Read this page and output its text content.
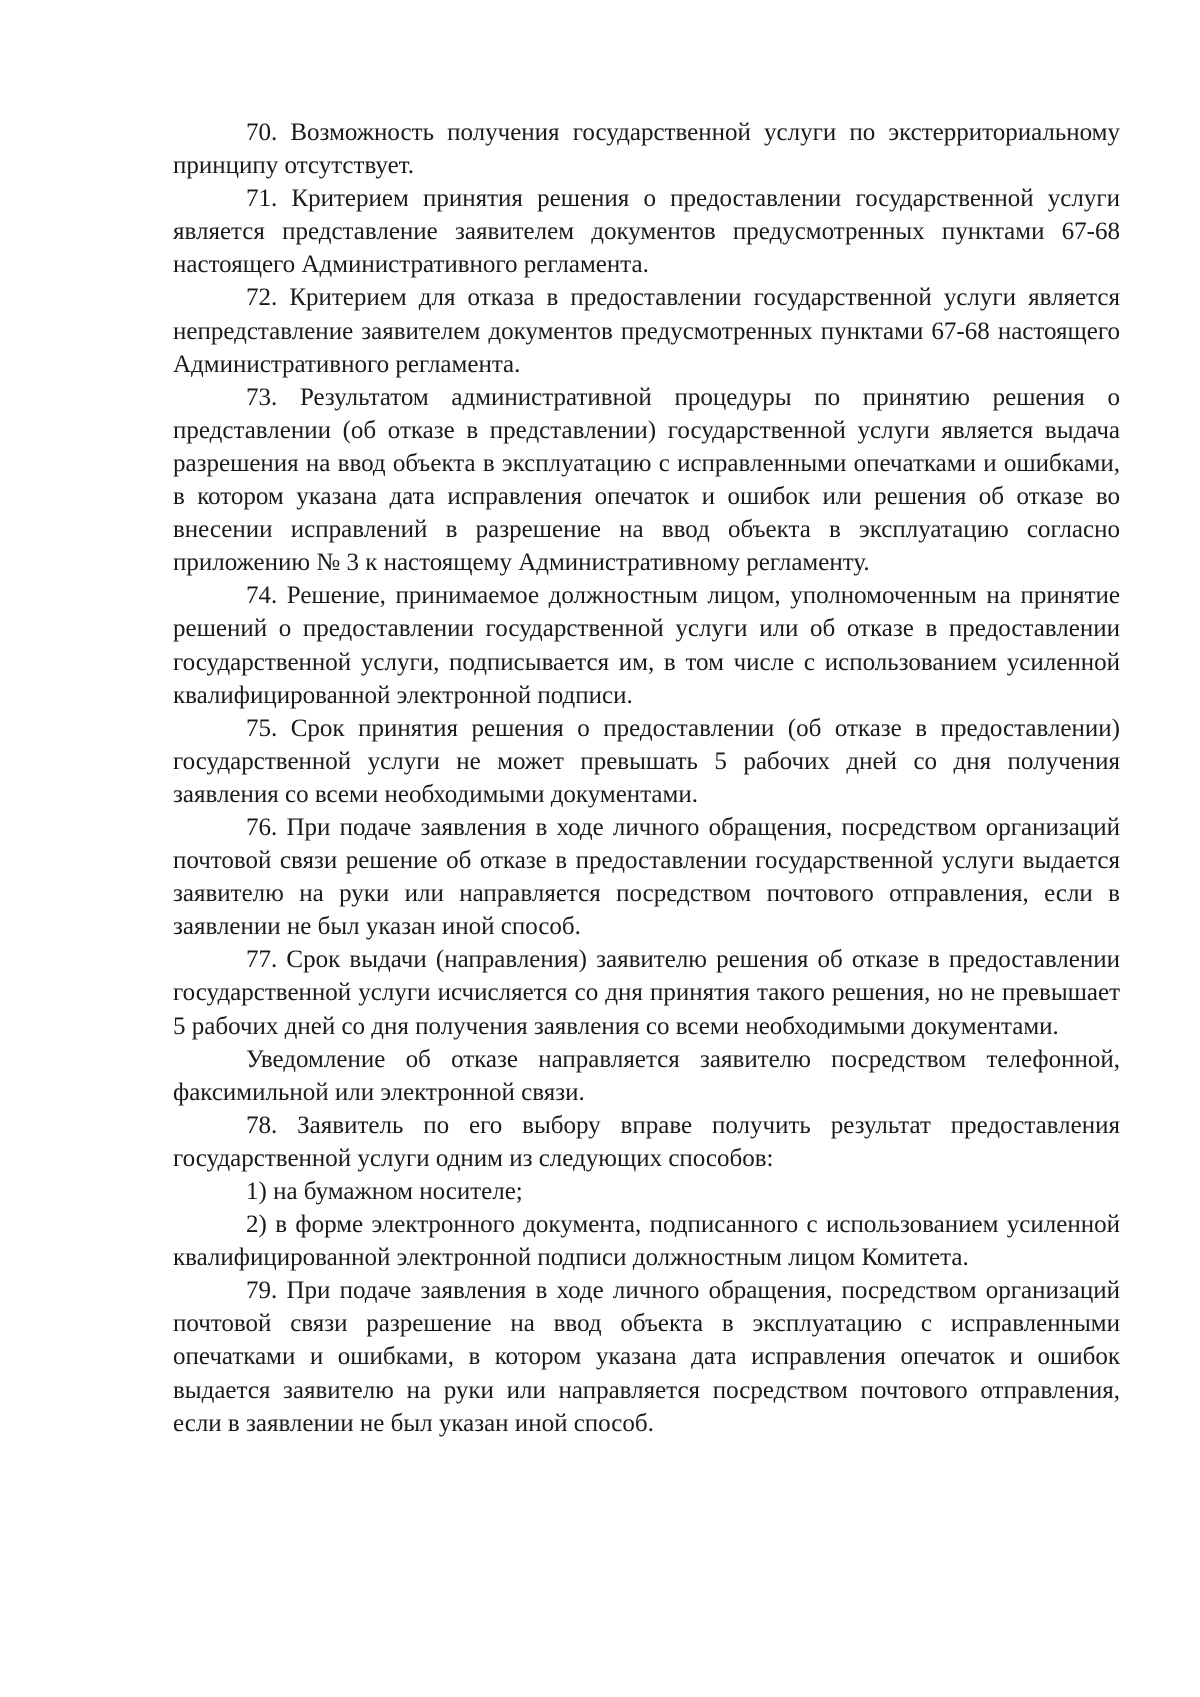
70. Возможность получения государственной услуги по экстерриториальному принципу отсутствует.

71. Критерием принятия решения о предоставлении государственной услуги является представление заявителем документов предусмотренных пунктами 67-68 настоящего Административного регламента.

72. Критерием для отказа в предоставлении государственной услуги является непредставление заявителем документов предусмотренных пунктами 67-68 настоящего Административного регламента.

73. Результатом административной процедуры по принятию решения о представлении (об отказе в представлении) государственной услуги является выдача разрешения на ввод объекта в эксплуатацию с исправленными опечатками и ошибками, в котором указана дата исправления опечаток и ошибок или решения об отказе во внесении исправлений в разрешение на ввод объекта в эксплуатацию согласно приложению № 3 к настоящему Административному регламенту.

74. Решение, принимаемое должностным лицом, уполномоченным на принятие решений о предоставлении государственной услуги или об отказе в предоставлении государственной услуги, подписывается им, в том числе с использованием усиленной квалифицированной электронной подписи.

75. Срок принятия решения о предоставлении (об отказе в предоставлении) государственной услуги не может превышать 5 рабочих дней со дня получения заявления со всеми необходимыми документами.

76. При подаче заявления в ходе личного обращения, посредством организаций почтовой связи решение об отказе в предоставлении государственной услуги выдается заявителю на руки или направляется посредством почтового отправления, если в заявлении не был указан иной способ.

77. Срок выдачи (направления) заявителю решения об отказе в предоставлении государственной услуги исчисляется со дня принятия такого решения, но не превышает 5 рабочих дней со дня получения заявления со всеми необходимыми документами.

Уведомление об отказе направляется заявителю посредством телефонной, факсимильной или электронной связи.

78. Заявитель по его выбору вправе получить результат предоставления государственной услуги одним из следующих способов:

1) на бумажном носителе;

2) в форме электронного документа, подписанного с использованием усиленной квалифицированной электронной подписи должностным лицом Комитета.

79. При подаче заявления в ходе личного обращения, посредством организаций почтовой связи разрешение на ввод объекта в эксплуатацию с исправленными опечатками и ошибками, в котором указана дата исправления опечаток и ошибок выдается заявителю на руки или направляется посредством почтового отправления, если в заявлении не был указан иной способ.
